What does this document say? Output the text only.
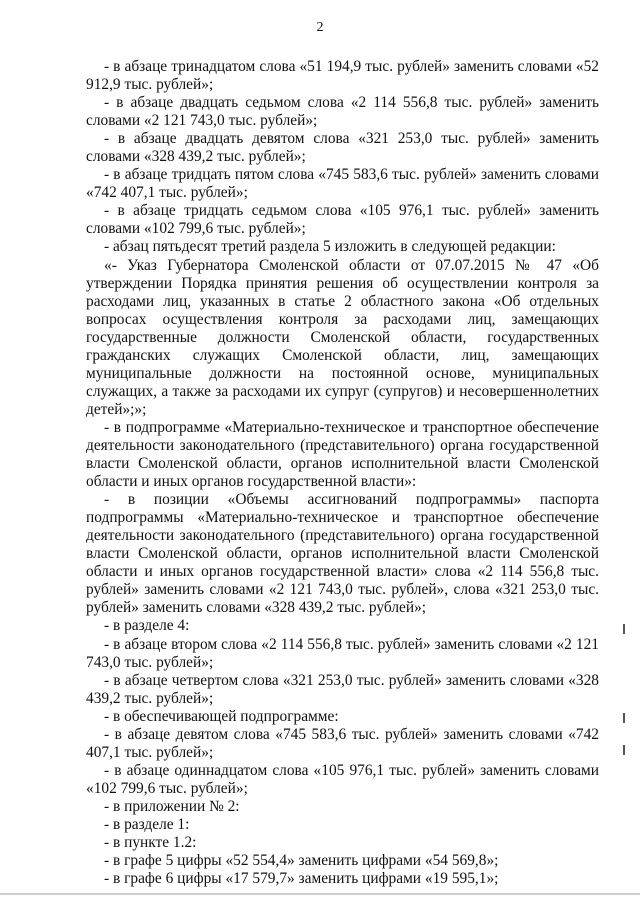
2

- в абзаце тринадцатом слова «51 194,9 тыс. рублей» заменить словами «52 912,9 тыс. рублей»;

- в абзаце двадцать седьмом слова «2 114 556,8 тыс. рублей» заменить словами «2 121 743,0 тыс. рублей»;

- в абзаце двадцать девятом слова «321 253,0 тыс. рублей» заменить словами «328 439,2 тыс. рублей»;

- в абзаце тридцать пятом слова «745 583,6 тыс. рублей» заменить словами «742 407,1 тыс. рублей»;

- в абзаце тридцать седьмом слова «105 976,1 тыс. рублей» заменить словами «102 799,6 тыс. рублей»;

- абзац пятьдесят третий раздела 5 изложить в следующей редакции:

«- Указ Губернатора Смоленской области от 07.07.2015 № 47 «Об утверждении Порядка принятия решения об осуществлении контроля за расходами лиц, указанных в статье 2 областного закона «Об отдельных вопросах осуществления контроля за расходами лиц, замещающих государственные должности Смоленской области, государственных гражданских служащих Смоленской области, лиц, замещающих муниципальные должности на постоянной основе, муниципальных служащих, а также за расходами их супруг (супругов) и несовершеннолетних детей»;»;

- в подпрограмме «Материально-техническое и транспортное обеспечение деятельности законодательного (представительного) органа государственной власти Смоленской области, органов исполнительной власти Смоленской области и иных органов государственной власти»:

- в позиции «Объемы ассигнований подпрограммы» паспорта подпрограммы «Материально-техническое и транспортное обеспечение деятельности законодательного (представительного) органа государственной власти Смоленской области, органов исполнительной власти Смоленской области и иных органов государственной власти» слова «2 114 556,8 тыс. рублей» заменить словами «2 121 743,0 тыс. рублей», слова «321 253,0 тыс. рублей» заменить словами «328 439,2 тыс. рублей»;

- в разделе 4:

- в абзаце втором слова «2 114 556,8 тыс. рублей» заменить словами «2 121 743,0 тыс. рублей»;

- в абзаце четвертом слова «321 253,0 тыс. рублей» заменить словами «328 439,2 тыс. рублей»;

- в обеспечивающей подпрограмме:

- в абзаце девятом слова «745 583,6 тыс. рублей» заменить словами «742 407,1 тыс. рублей»;

- в абзаце одиннадцатом слова «105 976,1 тыс. рублей» заменить словами «102 799,6 тыс. рублей»;

- в приложении № 2:

- в разделе 1:

- в пункте 1.2:

- в графе 5 цифры «52 554,4» заменить цифрами «54 569,8»;

- в графе 6 цифры «17 579,7» заменить цифрами «19 595,1»;
